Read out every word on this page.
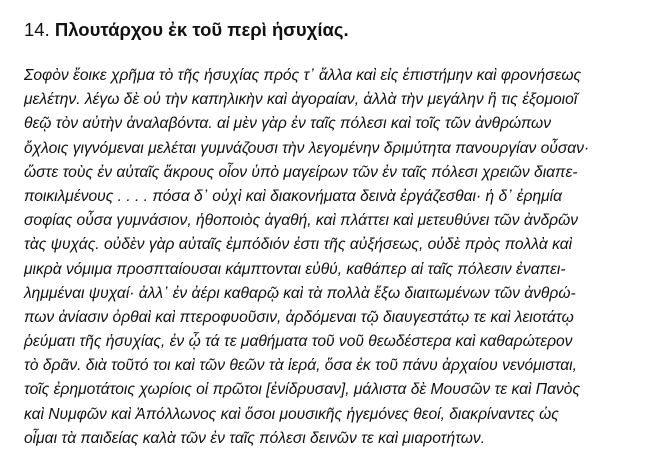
14. Πλουτάρχου ἐκ τοῦ περὶ ἡσυχίας.
Σοφὸν ἔοικε χρῆμα τὸ τῆς ἡσυχίας πρός τ᾽ ἄλλα καὶ εἰς ἐπιστήμην καὶ φρονήσεως
μελέτην. λέγω δὲ οὐ τὴν καπηλικὴν καὶ ἀγοραίαν, ἀλλὰ τὴν μεγάλην ἣ τις ἐξομοιοῖ
θεῷ τὸν αὐτὴν ἀναλαβόντα. αἱ μὲν γὰρ ἐν ταῖς πόλεσι καὶ τοῖς τῶν ἀνθρώπων
ὄχλοις γιγνόμεναι μελέται γυμνάζουσι τὴν λεγομένην δριμύτητα πανουργίαν οὖσαν·
ὥστε τοὺς ἐν αὐταῖς ἄκρους οἷον ὑπὸ μαγείρων τῶν ἐν ταῖς πόλεσι χρειῶν διαπε-
ποικιλμένους . . . . πόσα δ᾽ οὐχὶ καὶ διακονήματα δεινὰ ἐργάζεσθαι· ἡ δ᾽ ἐρημία
σοφίας οὖσα γυμνάσιον, ἠθοποιὸς ἀγαθή, καὶ πλάττει καὶ μετευθύνει τῶν ἀνδρῶν
τὰς ψυχάς. οὐδὲν γὰρ αὐταῖς ἐμπόδιόν ἐστι τῆς αὐξήσεως, οὐδὲ πρὸς πολλὰ καὶ
μικρὰ νόμιμα προσπταίουσαι κάμπτονται εὐθύ, καθάπερ αἱ ταῖς πόλεσιν ἐναπει-
λημμέναι ψυχαί· ἀλλ᾽ ἐν ἀέρι καθαρῷ καὶ τὰ πολλὰ ἔξω διαιτωμένων τῶν ἀνθρώ-
πων ἀνίασιν ὀρθαὶ καὶ πτεροφυοῦσιν, ἀρδόμεναι τῷ διαυγεστάτῳ τε καὶ λειοτάτῳ
ῥεύματι τῆς ἡσυχίας, ἐν ᾧ τά τε μαθήματα τοῦ νοῦ θεωδέστερα καὶ καθαρώτερον
τὸ δρᾶν. διὰ τοῦτό τοι καὶ τῶν θεῶν τὰ ἱερά, ὅσα ἐκ τοῦ πάνυ ἀρχαίου νενόμισται,
τοῖς ἐρημοτάτοις χωρίοις οἱ πρῶτοι [ἐνίδρυσαν], μάλιστα δὲ Μουσῶν τε καὶ Πανὸς
καὶ Νυμφῶν καὶ Ἀπόλλωνος καὶ ὅσοι μουσικῆς ἡγεμόνες θεοί, διακρίναντες ὡς
οἶμαι τὰ παιδείας καλὰ τῶν ἐν ταῖς πόλεσι δεινῶν τε καὶ μιαροτήτων.
